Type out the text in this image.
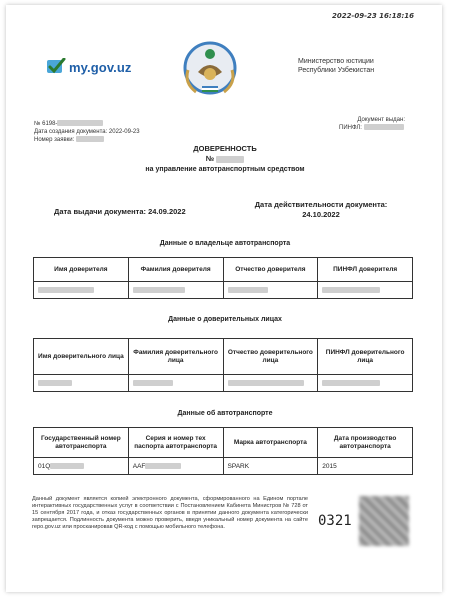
2022-09-23 16:18:16
my.gov.uz	Министерство юстиции
Республики Узбекистан
№ 6198-
Дата создания документа: 2022-09-23
Номер заявки:
Документ выдан:
ПИНФЛ:
ДОВЕРЕННОСТЬ
№
на управление автотранспортным средством
Дата выдачи документа: 24.09.2022
Дата действительности документа:
24.10.2022
Данные о владельце автотранспорта
Имя доверителя	Фамилия доверителя	Отчество доверителя	ПИНФЛ доверителя

Данные о доверительных лицах
Имя доверительного лица	Фамилия доверительного лица	Отчество доверительного лица	ПИНФЛ доверительного лица

Данные об автотранспорте
Государственный номер автотранспорта	Серия и номер тех паспорта автотранспорта	Марка автотранспорта	Дата производство автотранспорта
01Q	AAF	SPARK	2015
Данный документ является копией электронного документа, сформированного на Едином портале интерактивных государственных услуг в соответствии с Постановлением Кабинета Министров № 728 от 15 сентября 2017 года, и отказ государственных органов в принятии данного документа категорически запрещается. Подлинность документа можно проверить, введя уникальный номер документа на сайте repo.gov.uz или просканировав QR-код с помощью мобильного телефона.	0321
